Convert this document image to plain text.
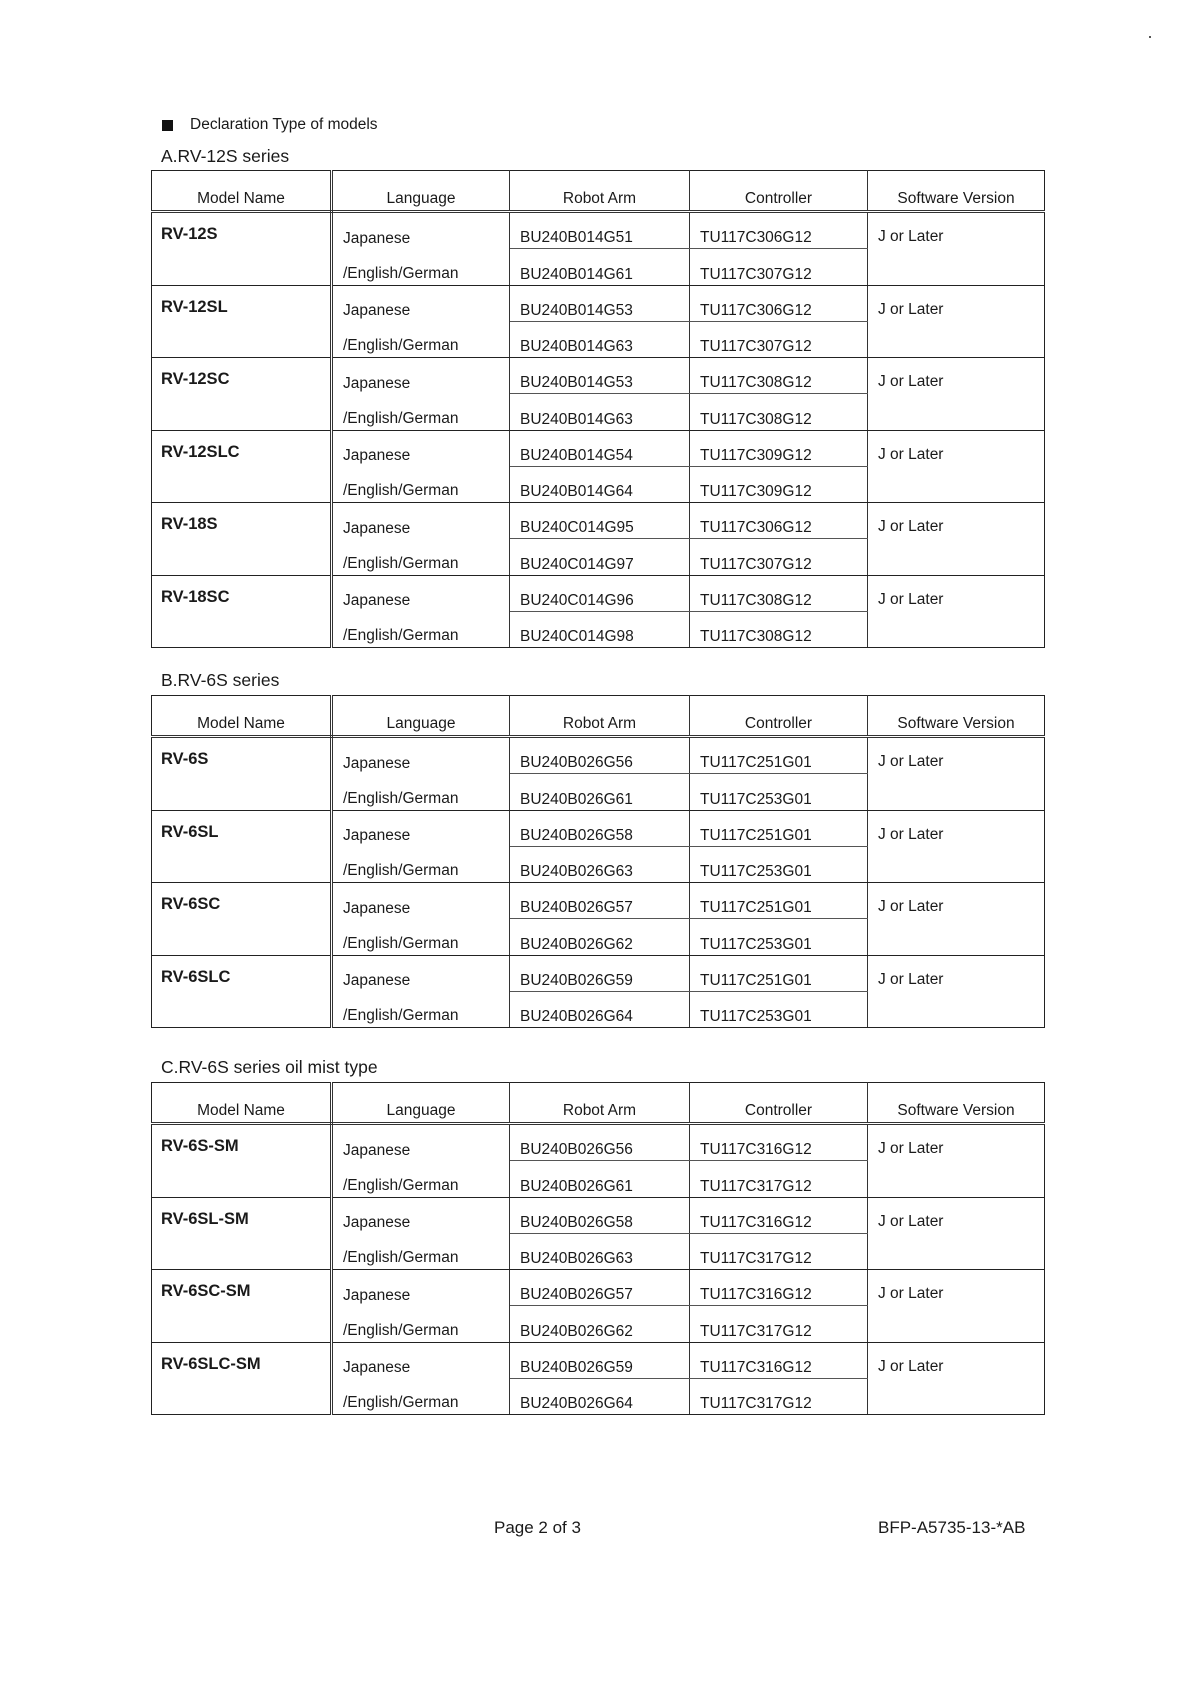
Declaration Type of models
A.RV-12S series
Model Name	Language	Robot Arm	Controller	Software Version
RV-12S	Japanese	BU240B014G51	TU117C306G12	J or Later
	/English/German	BU240B014G61	TU117C307G12	
RV-12SL	Japanese	BU240B014G53	TU117C306G12	J or Later
	/English/German	BU240B014G63	TU117C307G12	
RV-12SC	Japanese	BU240B014G53	TU117C308G12	J or Later
	/English/German	BU240B014G63	TU117C308G12	
RV-12SLC	Japanese	BU240B014G54	TU117C309G12	J or Later
	/English/German	BU240B014G64	TU117C309G12	
RV-18S	Japanese	BU240C014G95	TU117C306G12	J or Later
	/English/German	BU240C014G97	TU117C307G12	
RV-18SC	Japanese	BU240C014G96	TU117C308G12	J or Later
	/English/German	BU240C014G98	TU117C308G12	
B.RV-6S series
Model Name	Language	Robot Arm	Controller	Software Version
RV-6S	Japanese	BU240B026G56	TU117C251G01	J or Later
	/English/German	BU240B026G61	TU117C253G01	
RV-6SL	Japanese	BU240B026G58	TU117C251G01	J or Later
	/English/German	BU240B026G63	TU117C253G01	
RV-6SC	Japanese	BU240B026G57	TU117C251G01	J or Later
	/English/German	BU240B026G62	TU117C253G01	
RV-6SLC	Japanese	BU240B026G59	TU117C251G01	J or Later
	/English/German	BU240B026G64	TU117C253G01	
C.RV-6S series oil mist type
Model Name	Language	Robot Arm	Controller	Software Version
RV-6S-SM	Japanese	BU240B026G56	TU117C316G12	J or Later
	/English/German	BU240B026G61	TU117C317G12	
RV-6SL-SM	Japanese	BU240B026G58	TU117C316G12	J or Later
	/English/German	BU240B026G63	TU117C317G12	
RV-6SC-SM	Japanese	BU240B026G57	TU117C316G12	J or Later
	/English/German	BU240B026G62	TU117C317G12	
RV-6SLC-SM	Japanese	BU240B026G59	TU117C316G12	J or Later
	/English/German	BU240B026G64	TU117C317G12	
Page 2 of 3	BFP-A5735-13-*AB
